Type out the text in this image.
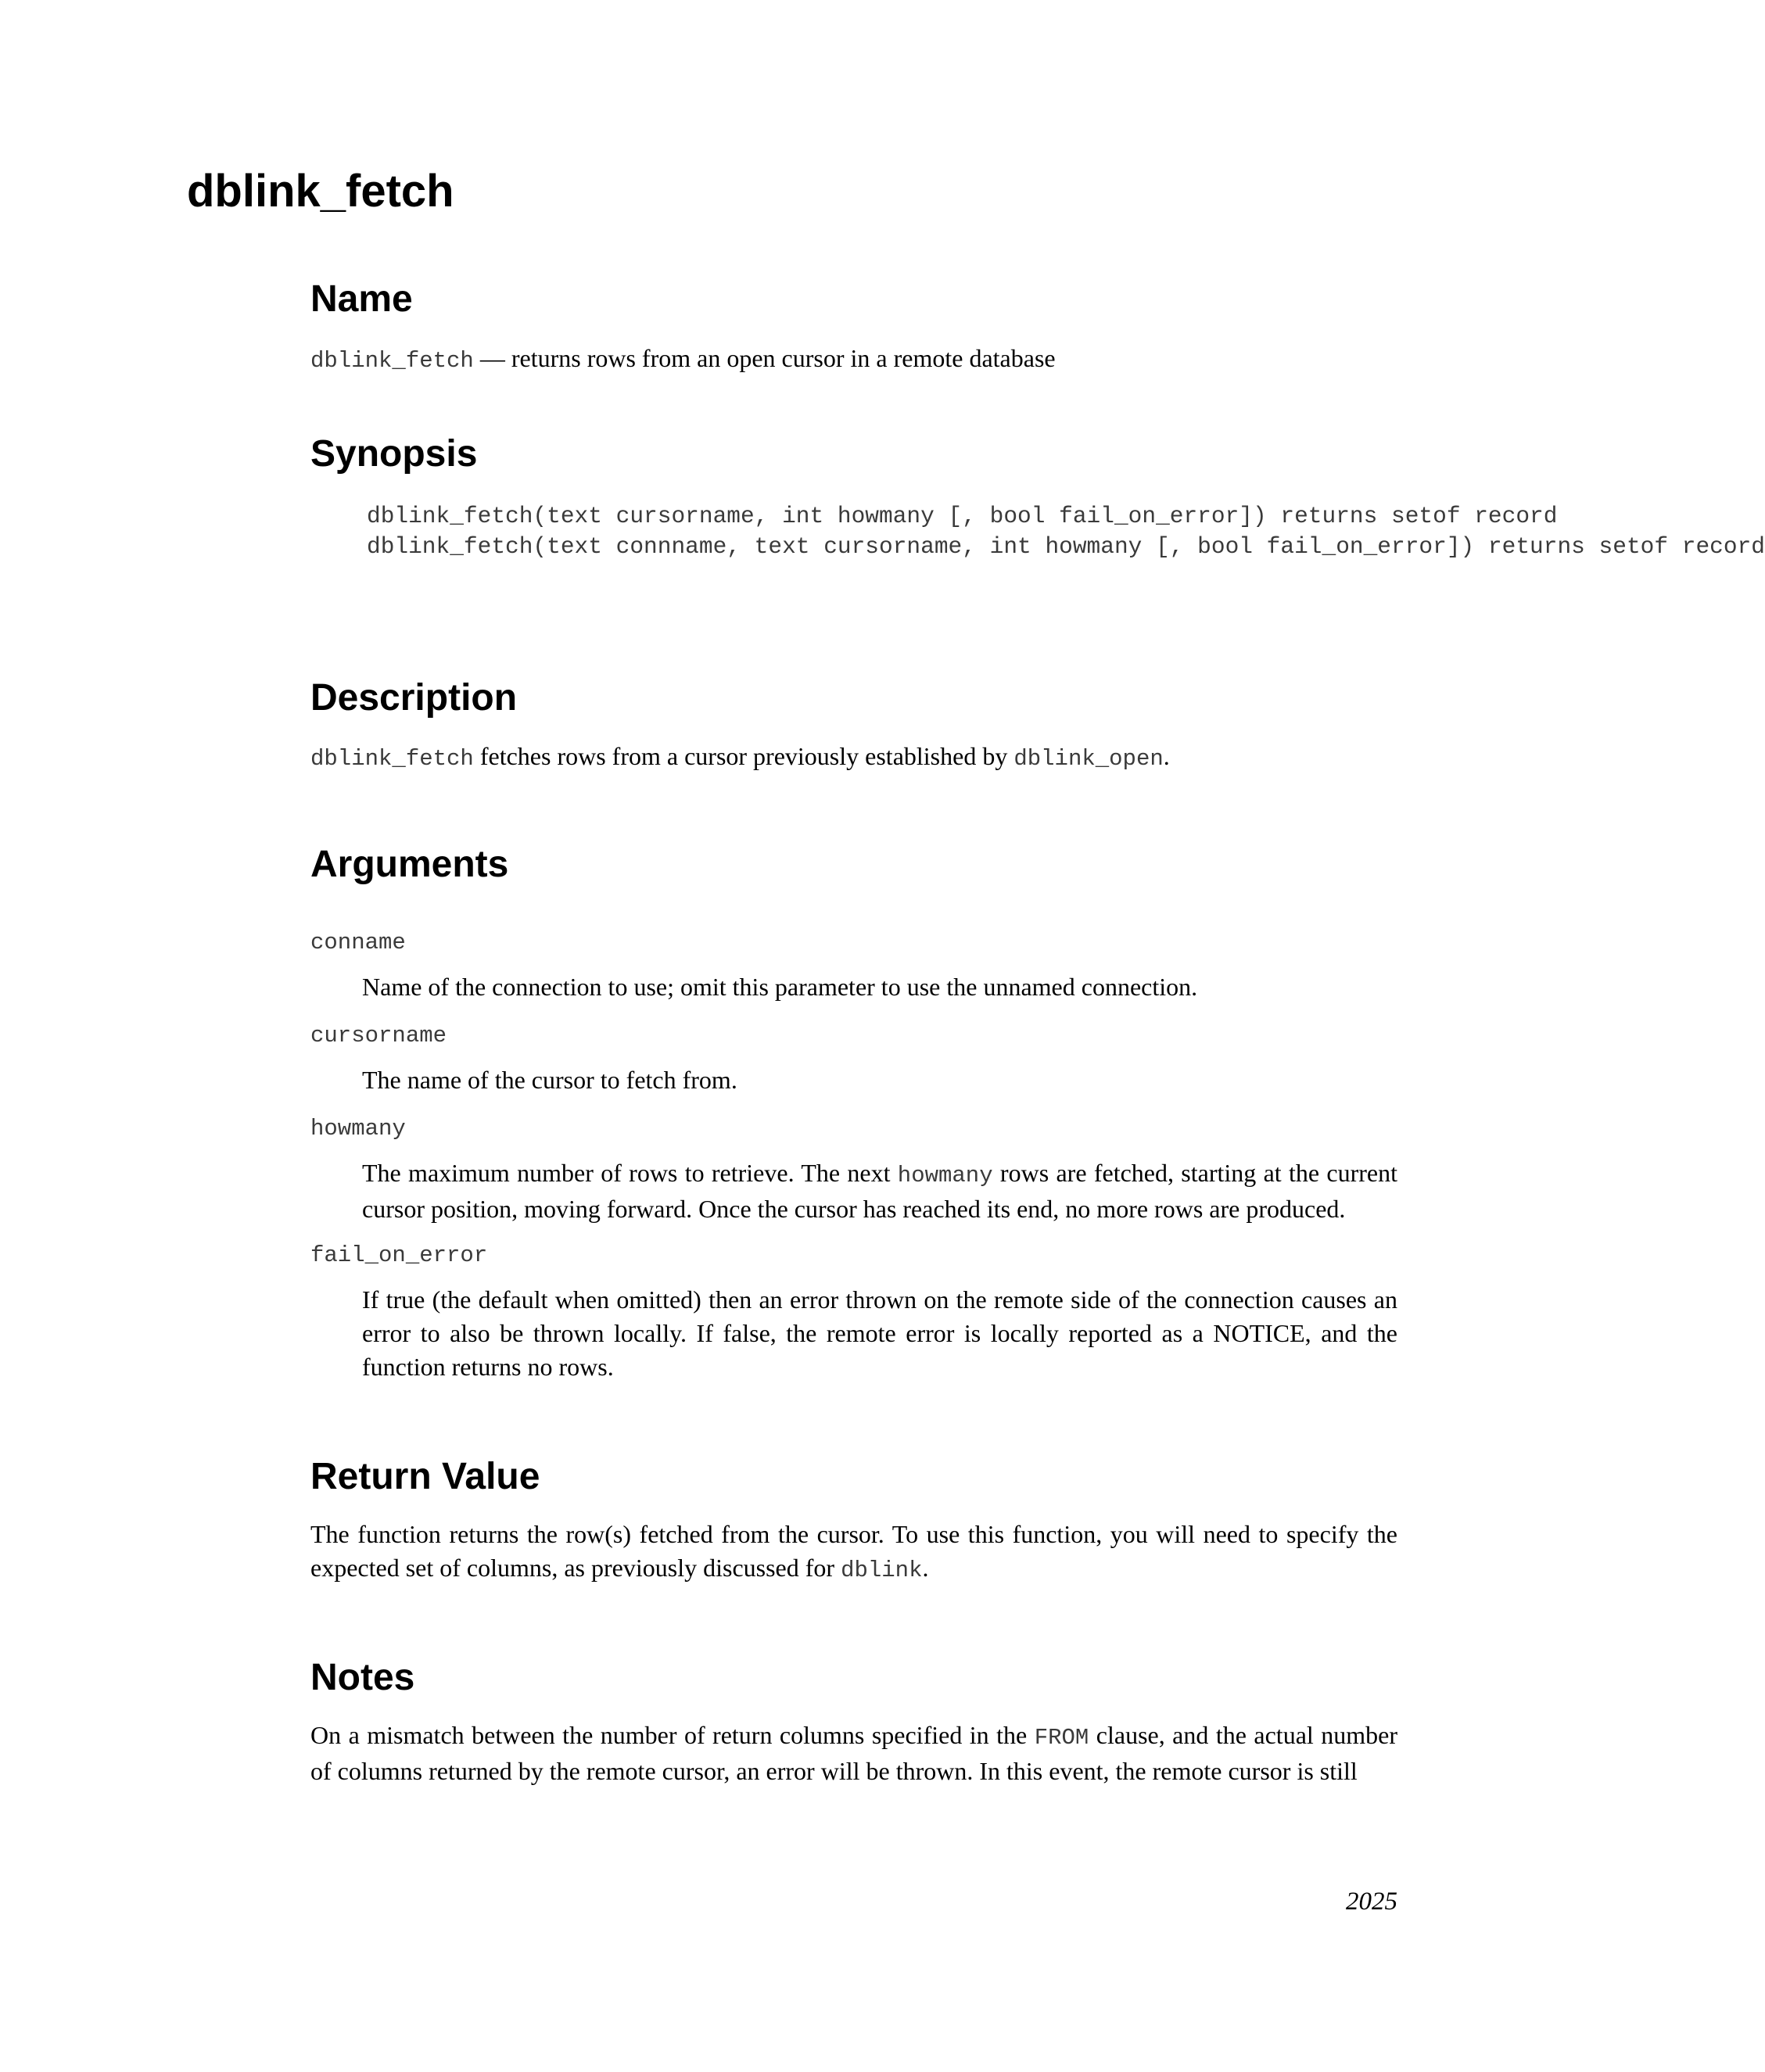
dblink_fetch
Name

dblink_fetch — returns rows from an open cursor in a remote database

Synopsis
dblink_fetch(text cursorname, int howmany [, bool fail_on_error]) returns setof record
dblink_fetch(text connname, text cursorname, int howmany [, bool fail_on_error]) returns setof record
Description

dblink_fetch fetches rows from a cursor previously established by dblink_open.

Arguments
conname

Name of the connection to use; omit this parameter to use the unnamed connection.

cursorname

The name of the cursor to fetch from.

howmany

The maximum number of rows to retrieve. The next howmany rows are fetched, starting at the current cursor position, moving forward. Once the cursor has reached its end, no more rows are produced.

fail_on_error

If true (the default when omitted) then an error thrown on the remote side of the connection causes an error to also be thrown locally. If false, the remote error is locally reported as a NOTICE, and the function returns no rows.

Return Value

The function returns the row(s) fetched from the cursor. To use this function, you will need to specify the expected set of columns, as previously discussed for dblink.

Notes

On a mismatch between the number of return columns specified in the FROM clause, and the actual number of columns returned by the remote cursor, an error will be thrown. In this event, the remote cursor is still

2025
